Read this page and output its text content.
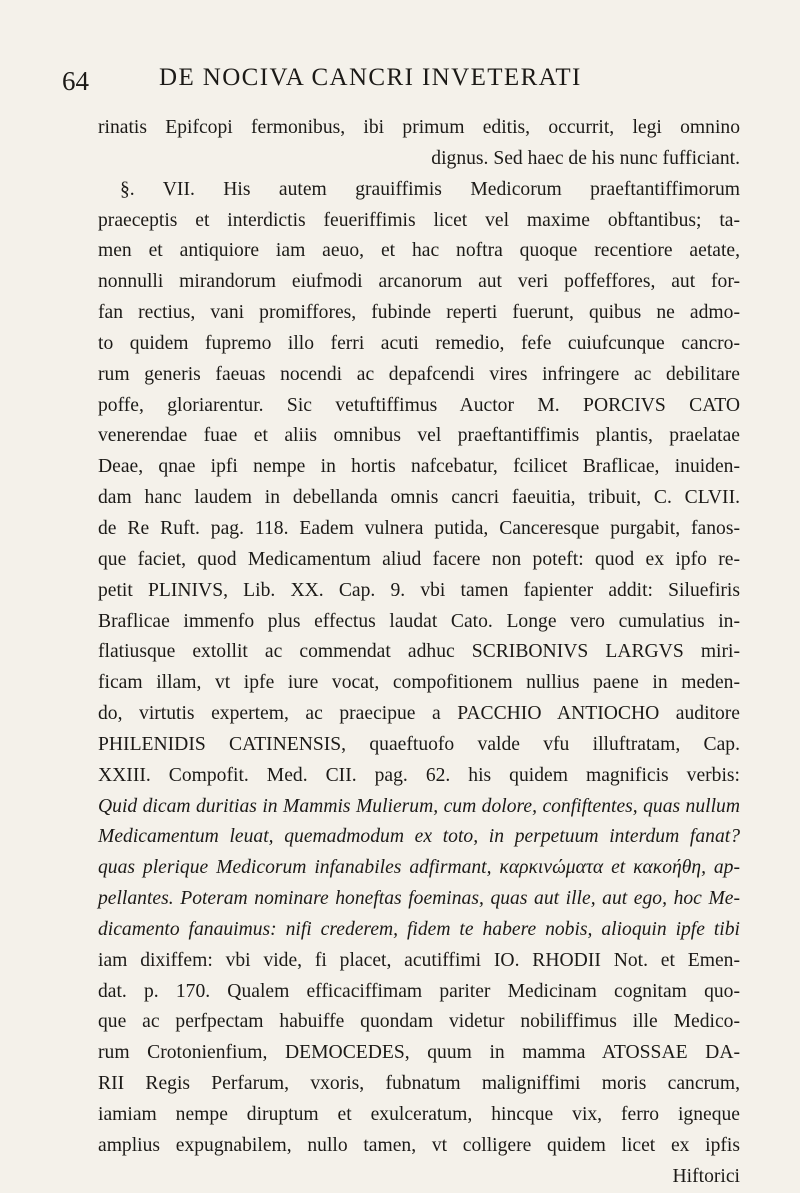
64	DE NOCIVA CANCRI INVETERATI
rinatis Epifcopi fermonibus, ibi primum editis, occurrit, legi omnino
dignus. Sed haec de his nunc fufficiant.
§. VII. His autem grauiffimis Medicorum praeftantiffimorum
praeceptis et interdictis feueriffimis licet vel maxime obftantibus; ta-
men et antiquiore iam aeuo, et hac noftra quoque recentiore aetate,
nonnulli mirandorum eiufmodi arcanorum aut veri poffeffores, aut for-
fan rectius, vani promiffores, fubinde reperti fuerunt, quibus ne admo-
to quidem fupremo illo ferri acuti remedio, fefe cuiufcunque cancro-
rum generis faeuas nocendi ac depafcendi vires infringere ac debilitare
poffe, gloriarentur. Sic vetuftiffimus Auctor M. PORCIVS CATO
venerendae fuae et aliis omnibus vel praeftantiffimis plantis, praelatae
Deae, qnae ipfi nempe in hortis nafcebatur, fcilicet Braflicae, inuiden-
dam hanc laudem in debellanda omnis cancri faeuitia, tribuit, C. CLVII.
de Re Ruft. pag. 118. Eadem vulnera putida, Canceresque purgabit, fanos-
que faciet, quod Medicamentum aliud facere non poteft: quod ex ipfo re-
petit PLINIVS, Lib. XX. Cap. 9. vbi tamen fapienter addit: Siluefiris
Braflicae immenfo plus effectus laudat Cato. Longe vero cumulatius in-
flatiusque extollit ac commendat adhuc SCRIBONIVS LARGVS miri-
ficam illam, vt ipfe iure vocat, compofitionem nullius paene in meden-
do, virtutis expertem, ac praecipue a PACCHIO ANTIOCHO auditore
PHILENIDIS CATINENSIS, quaeftuofo valde vfu illuftratam, Cap.
XXIII. Compofit. Med. CII. pag. 62. his quidem magnificis verbis:
Quid dicam duritias in Mammis Mulierum, cum dolore, confiftentes, quas nullum
Medicamentum leuat, quemadmodum ex toto, in perpetuum interdum fanat?
quas plerique Medicorum infanabiles adfirmant, καρκινώματα et κακοήθη, ap-
pellantes. Poteram nominare honeftas foeminas, quas aut ille, aut ego, hoc Me-
dicamento fanauimus: nifi crederem, fidem te habere nobis, alioquin ipfe tibi
iam dixiffem: vbi vide, fi placet, acutiffimi IO. RHODII Not. et Emen-
dat. p. 170. Qualem efficaciffimam pariter Medicinam cognitam quo-
que ac perfpectam habuiffe quondam videtur nobiliffimus ille Medico-
rum Crotonienfium, DEMOCEDES, quum in mamma ATOSSAE DA-
RII Regis Perfarum, vxoris, fubnatum maligniffimi moris cancrum,
iamiam nempe diruptum et exulceratum, hincque vix, ferro igneque
amplius expugnabilem, nullo tamen, vt colligere quidem licet ex ipfis
Hiftorici
